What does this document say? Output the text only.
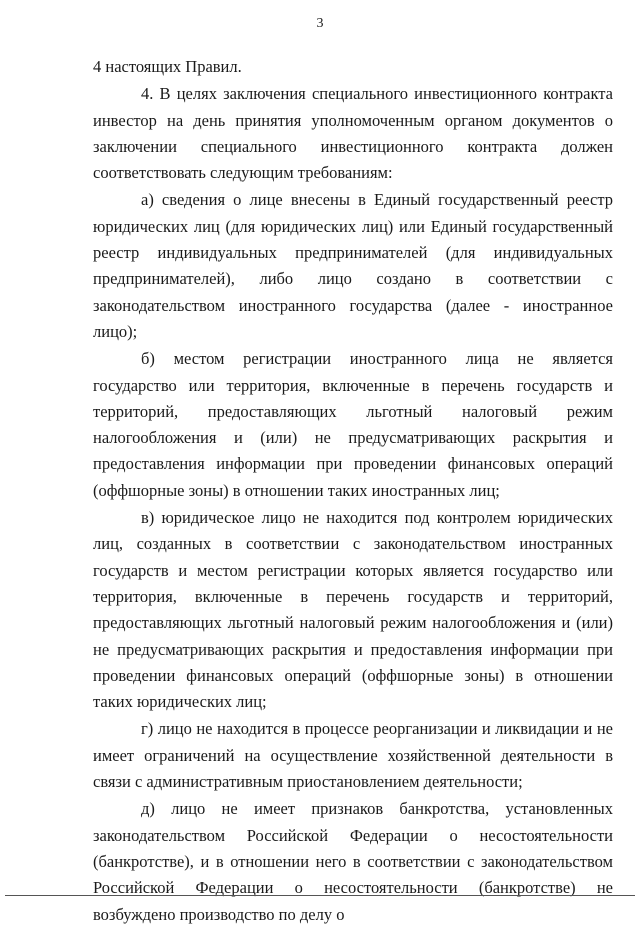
3

4 настоящих Правил.

4. В целях заключения специального инвестиционного контракта инвестор на день принятия уполномоченным органом документов о заключении специального инвестиционного контракта должен соответствовать следующим требованиям:

а) сведения о лице внесены в Единый государственный реестр юридических лиц (для юридических лиц) или Единый государственный реестр индивидуальных предпринимателей (для индивидуальных предпринимателей), либо лицо создано в соответствии с законодательством иностранного государства (далее - иностранное лицо);

б) местом регистрации иностранного лица не является государство или территория, включенные в перечень государств и территорий, предоставляющих льготный налоговый режим налогообложения и (или) не предусматривающих раскрытия и предоставления информации при проведении финансовых операций (оффшорные зоны) в отношении таких иностранных лиц;

в) юридическое лицо не находится под контролем юридических лиц, созданных в соответствии с законодательством иностранных государств и местом регистрации которых является государство или территория, включенные в перечень государств и территорий, предоставляющих льготный налоговый режим налогообложения и (или) не предусматривающих раскрытия и предоставления информации при проведении финансовых операций (оффшорные зоны) в отношении таких юридических лиц;

г) лицо не находится в процессе реорганизации и ликвидации и не имеет ограничений на осуществление хозяйственной деятельности в связи с административным приостановлением деятельности;

д) лицо не имеет признаков банкротства, установленных законодательством Российской Федерации о несостоятельности (банкротстве), и в отношении него в соответствии с законодательством Российской Федерации о несостоятельности (банкротстве) не возбуждено производство по делу о
